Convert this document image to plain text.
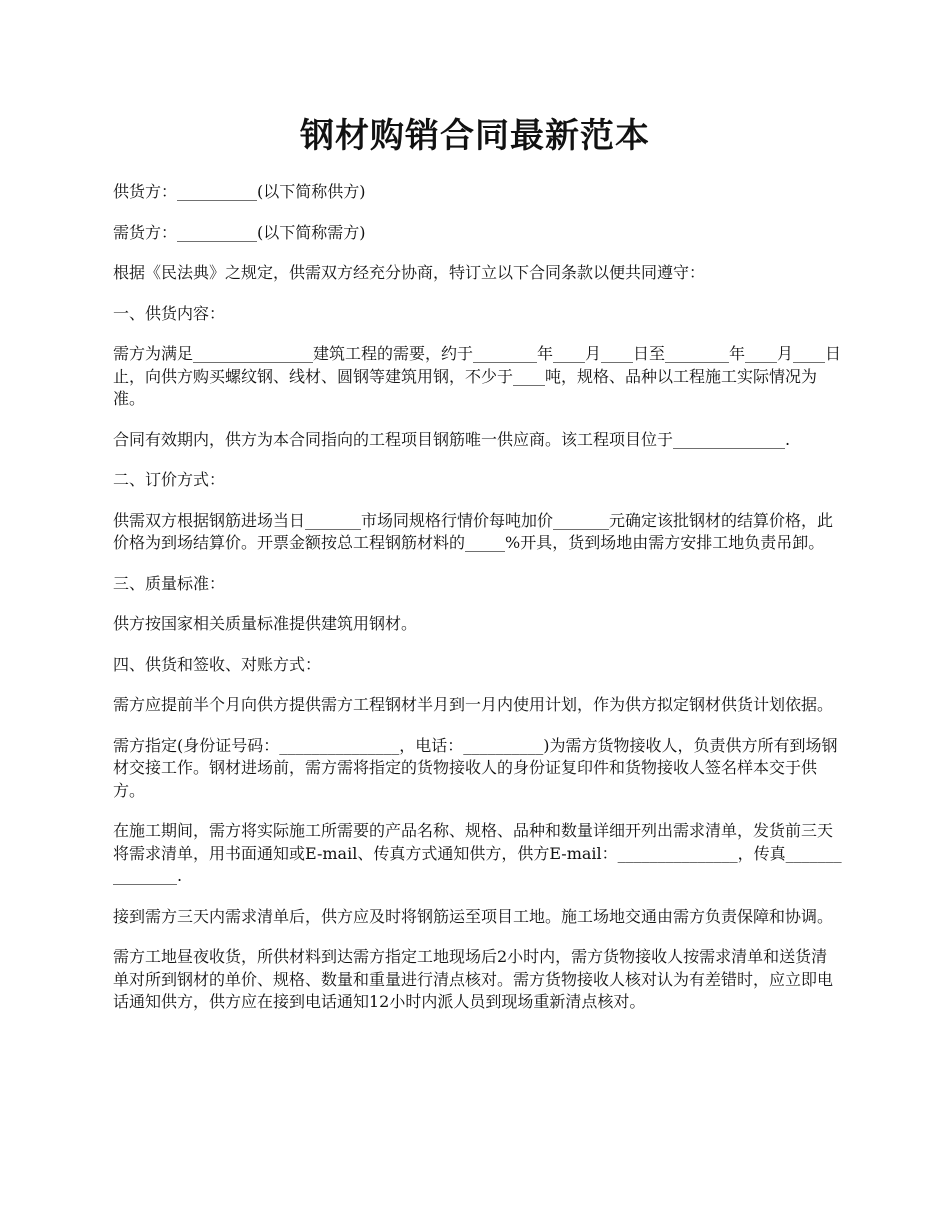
钢材购销合同最新范本

供货方：__________(以下简称供方)

需货方：__________(以下简称需方)

根据《民法典》之规定，供需双方经充分协商，特订立以下合同条款以便共同遵守：

一、供货内容：

需方为满足_______________建筑工程的需要，约于________年____月____日至________年____月____日止，向供方购买螺纹钢、线材、圆钢等建筑用钢，不少于____吨，规格、品种以工程施工实际情况为准。

合同有效期内，供方为本合同指向的工程项目钢筋唯一供应商。该工程项目位于______________.

二、订价方式：

供需双方根据钢筋进场当日_______市场同规格行情价每吨加价_______元确定该批钢材的结算价格，此价格为到场结算价。开票金额按总工程钢筋材料的_____%开具，货到场地由需方安排工地负责吊卸。

三、质量标准：

供方按国家相关质量标准提供建筑用钢材。

四、供货和签收、对账方式：

需方应提前半个月向供方提供需方工程钢材半月到一月内使用计划，作为供方拟定钢材供货计划依据。

需方指定(身份证号码：_______________，电话：__________)为需方货物接收人，负责供方所有到场钢材交接工作。钢材进场前，需方需将指定的货物接收人的身份证复印件和货物接收人签名样本交于供方。

在施工期间，需方将实际施工所需要的产品名称、规格、品种和数量详细开列出需求清单，发货前三天将需求清单，用书面通知或E-mail、传真方式通知供方，供方E-mail：_______________，传真_______________.

接到需方三天内需求清单后，供方应及时将钢筋运至项目工地。施工场地交通由需方负责保障和协调。

需方工地昼夜收货，所供材料到达需方指定工地现场后2小时内，需方货物接收人按需求清单和送货清单对所到钢材的单价、规格、数量和重量进行清点核对。需方货物接收人核对认为有差错时，应立即电话通知供方，供方应在接到电话通知12小时内派人员到现场重新清点核对。
